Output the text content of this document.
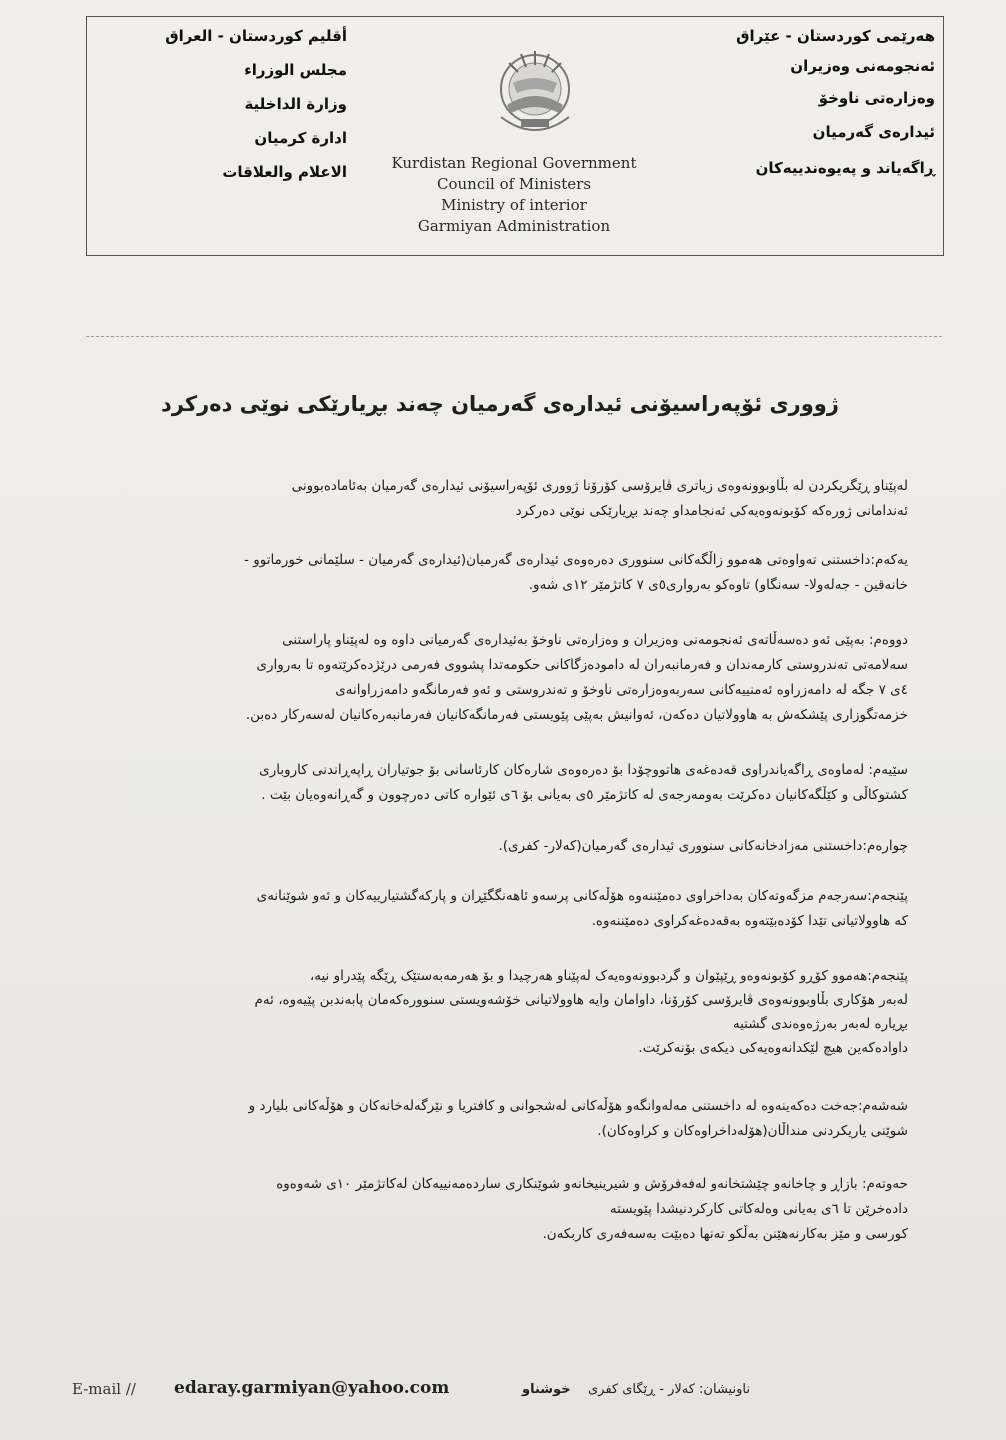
هەرێمی کوردستان - عێراق
ئەنجومەنی وەزیران
وەزارەتی ناوخۆ
ئیدارەی گەرمیان
ڕاگەیاند و پەیوەندییەکان
أقليم كوردستان - العراق
مجلس الوزراء
وزارة الداخلية
ادارة كرميان
الاعلام والعلاقات	Kurdistan Regional Government
Council of Ministers
Ministry of interior
Garmiyan Administration
ژووری ئۆپەراسیۆنی ئیدارەی گەرمیان چەند بڕیارێکی نوێی دەرکرد
لەپێناو ڕێگریکردن لە بڵاوبوونەوەی زیاتری ڤایرۆسی کۆرۆنا ژووری ئۆپەراسیۆنی ئیدارەی گەرمیان بەئامادەبوونی
ئەندامانی ژورەکە کۆبونەوەیەکی ئەنجامداو چەند بڕیارێکی نوێی دەرکرد
یەکەم:داخستنی تەواوەتی هەموو زاڵگەکانی سنووری دەرەوەی ئیدارەی گەرمیان(ئیدارەی گەرمیان - سلێمانی خورماتوو -
خانەقین - جەلەولا- سەنگاو) تاوەکو بەرواری٥ی ٧ کاتژمێر ١٢ی شەو.
دووەم: بەپێی ئەو دەسەڵاتەی ئەنجومەنی وەزیران و وەزارەتی ناوخۆ بەئیدارەی گەرمیانی داوە وە لەپێناو پاراستنی
سەلامەتی تەندروستی کارمەندان و فەرمانبەران لە دامودەزگاکانی حکومەتدا پشووی فەرمی درێژدەکرێتەوە تا بەرواری
٤ی ٧ جگە لە دامەزراوە ئەمنییەکانی سەربەوەزارەتی ناوخۆ و تەندروستی و ئەو فەرمانگەو دامەزراوانەی
خزمەتگوزاری پێشکەش بە هاوولاتیان دەکەن، ئەوانیش بەپێی پێویستی فەرمانگەکانیان فەرمانبەرەکانیان لەسەرکار دەبن.
سێیەم: لەماوەی ڕاگەیاندراوی قەدەغەی هاتووچۆدا بۆ دەرەوەی شارەکان کارئاسانی بۆ جوتیاران ڕاپەڕاندنی کاروباری
کشتوکاڵی و کێڵگەکانیان دەکرێت بەومەرجەی لە کاتژمێر ٥ی بەیانی بۆ ٦ی ئێوارە کاتی دەرچوون و گەڕانەوەیان بێت .
چوارەم:داخستنی مەزادخانەکانی سنووری ئیدارەی گەرمیان(کەلار- کفری).
پێنجەم:سەرجەم مزگەوتەکان بەداخراوی دەمێننەوە هۆڵەکانی پرسەو ئاهەنگگێڕان و پارکەگشتیارییەکان و ئەو شوێنانەی
کە هاوولاتیانی تێدا کۆدەبێتەوە بەقەدەغەکراوی دەمێننەوە.
پێنجەم:هەموو کۆڕو کۆبونەوەو ڕێپێوان و گردبوونەوەیەک لەپێناو هەرچیدا و بۆ هەرمەبەستێک ڕێگە پێدراو نیە،
لەبەر هۆکاری بڵاوبوونەوەی ڤایرۆسی کۆرۆنا، داوامان وایە هاوولاتیانی خۆشەویستی سنوورەکەمان پابەندبن پێیەوە، ئەم
بڕیارە لەبەر بەرژەوەندی گشتیە
داوادەکەین هیچ لێکدانەوەیەکی دیکەی بۆنەکرێت.
شەشەم:جەخت دەکەینەوە لە داخستنی مەلەوانگەو هۆڵەکانی لەشجوانی و کافتریا و نێرگەلەخانەکان و هۆڵەکانی بلیارد و
شوێنی یاریکردنی منداڵان(هۆلەداخراوەکان و کراوەکان).
حەوتەم: بازاڕ و چاخانەو چێشتخانەو لەفەفرۆش و شیرینیخانەو شوێنکاری ساردەمەنییەکان لەکاتژمێر ١٠ی شەوەوە
دادەخرێن تا ٦ی بەیانی وەلەکاتی کارکردنیشدا پێویستە
کورسی و مێز بەکارنەهێنن بەڵکو تەنها دەبێت بەسەفەری کاربکەن.
E-mail // edaray.garmiyan@yahoo.com	خوشناو ناونیشان: کەلار - ڕێگای کفری
